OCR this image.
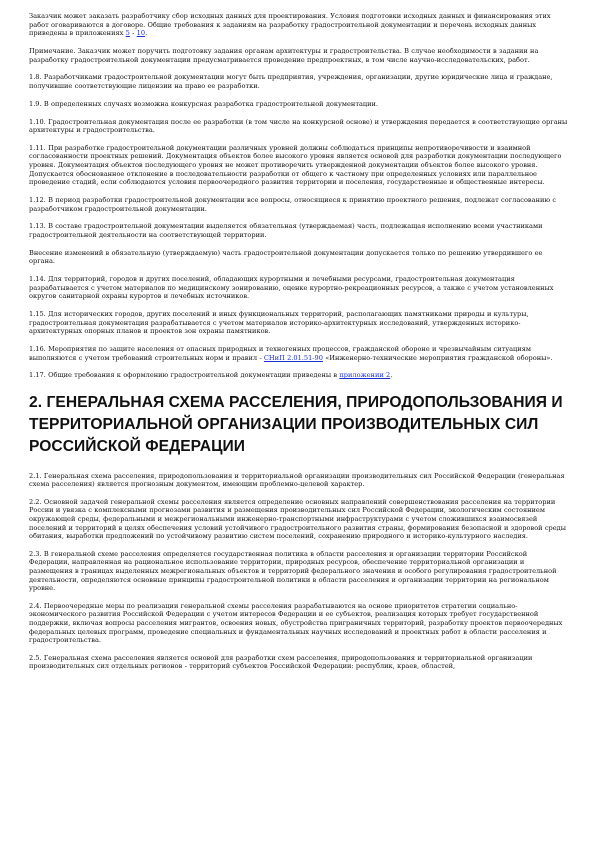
Заказчик может заказать разработчику сбор исходных данных для проектирования. Условия подготовки исходных данных и финансирования этих работ оговариваются в договоре. Общие требования к заданиям на разработку градостроительной документации и перечень исходных данных приведены в приложениях 5 - 10.

Примечание. Заказчик может поручить подготовку задания органам архитектуры и градостроительства. В случае необходимости в задании на разработку градостроительной документации предусматривается проведение предпроектных, в том числе научно-исследовательских, работ.

1.8. Разработчиками градостроительной документации могут быть предприятия, учреждения, организации, другие юридические лица и граждане, получившие соответствующие лицензии на право ее разработки.

1.9. В определенных случаях возможна конкурсная разработка градостроительной документации.

1.10. Градостроительная документация после ее разработки (в том числе на конкурсной основе) и утверждения передается в соответствующие органы архитектуры и градостроительства.

1.11. При разработке градостроительной документации различных уровней должны соблюдаться принципы непротиворечивости и взаимной согласованности проектных решений. Документация объектов более высокого уровня является основой для разработки документации последующего уровня. Документация объектов последующего уровня не может противоречить утвержденной документации объектов более высокого уровня. Допускается обоснованное отклонение в последовательности разработки от общего к частному при определенных условиях или параллельное проведение стадий, если соблюдаются условия первоочередного развития территории и поселения, государственные и общественные интересы.

1.12. В период разработки градостроительной документации все вопросы, относящиеся к принятию проектного решения, подлежат согласованию с разработчиком градостроительной документации.

1.13. В составе градостроительной документации выделяется обязательная (утверждаемая) часть, подлежащая исполнению всеми участниками градостроительной деятельности на соответствующей территории.

Внесение изменений в обязательную (утверждаемую) часть градостроительной документации допускается только по решению утвердившего ее органа.

1.14. Для территорий, городов и других поселений, обладающих курортными и лечебными ресурсами, градостроительная документация разрабатывается с учетом материалов по медицинскому зонированию, оценке курортно-рекреационных ресурсов, а также с учетом установленных округов санитарной охраны курортов и лечебных источников.

1.15. Для исторических городов, других поселений и иных функциональных территорий, располагающих памятниками природы и культуры, градостроительная документация разрабатывается с учетом материалов историко-архитектурных исследований, утвержденных историко-архитектурных опорных планов и проектов зон охраны памятников.

1.16. Мероприятия по защите населения от опасных природных и техногенных процессов, гражданской обороне и чрезвычайным ситуациям выполняются с учетом требований строительных норм и правил - СНиП 2.01.51-90 «Инженерно-технические мероприятия гражданской обороны».

1.17. Общие требования к оформлению градостроительной документации приведены в приложении 2.

2. ГЕНЕРАЛЬНАЯ СХЕМА РАССЕЛЕНИЯ, ПРИРОДОПОЛЬЗОВАНИЯ И ТЕРРИТОРИАЛЬНОЙ ОРГАНИЗАЦИИ ПРОИЗВОДИТЕЛЬНЫХ СИЛ РОССИЙСКОЙ ФЕДЕРАЦИИ

2.1. Генеральная схема расселения, природопользования и территориальной организации производительных сил Российской Федерации (генеральная схема расселения) является прогнозным документом, имеющим проблемно-целевой характер.

2.2. Основной задачей генеральной схемы расселения является определение основных направлений совершенствования расселения на территории России и увязка с комплексными прогнозами развития и размещения производительных сил Российской Федерации, экологическим состоянием окружающей среды, федеральными и межрегиональными инженерно-транспортными инфраструктурами с учетом сложившихся взаимосвязей поселений и территорий в целях обеспечения условий устойчивого градостроительного развития страны, формирования безопасной и здоровой среды обитания, выработки предложений по устойчивому развитию систем поселений, сохранению природного и историко-культурного наследия.

2.3. В генеральной схеме расселения определяется государственная политика в области расселения и организации территории Российской Федерации, направленная на рациональное использование территории, природных ресурсов, обеспечение территориальной организации и размещения в границах выделенных межрегиональных объектов и территорий федерального значения и особого регулирования градостроительной деятельности, определяются основные принципы градостроительной политики в области расселения и организации территории на региональном уровне.

2.4. Первоочередные меры по реализации генеральной схемы расселения разрабатываются на основе приоритетов стратегии социально-экономического развития Российской Федерации с учетом интересов Федерации и ее субъектов, реализация которых требует государственной поддержки, включая вопросы расселения мигрантов, освоения новых, обустройства приграничных территорий, разработку проектов первоочередных федеральных целевых программ, проведение специальных и фундаментальных научных исследований и проектных работ в области расселения и градостроительства.

2.5. Генеральная схема расселения является основой для разработки схем расселения, природопользования и территориальной организации производительных сил отдельных регионов - территорий субъектов Российской Федерации: республик, краев, областей,
